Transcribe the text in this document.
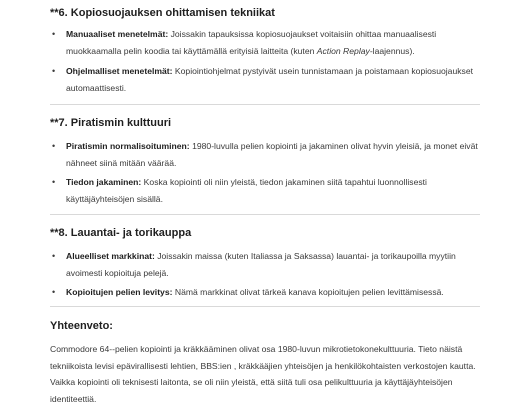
**6. Kopiosuojauksen ohittamisen tekniikat
•	Manuaaliset menetelmät: Joissakin tapauksissa kopiosuojaukset voitaisiin ohittaa manuaalisesti muokkaamalla pelin koodia tai käyttämällä erityisiä laitteita (kuten Action Replay-laajennus).
•	Ohjelmalliset menetelmät: Kopiointiohjelmat pystyivät usein tunnistamaan ja poistamaan kopiosuojaukset automaattisesti.
**7. Piratismin kulttuuri
•	Piratismin normalisoituminen: 1980-luvulla pelien kopiointi ja jakaminen olivat hyvin yleisiä, ja monet eivät nähneet siinä mitään väärää.
•	Tiedon jakaminen: Koska kopiointi oli niin yleistä, tiedon jakaminen siitä tapahtui luonnollisesti käyttäjäyhteisöjen sisällä.
**8. Lauantai- ja torikauppa
•	Alueelliset markkinat: Joissakin maissa (kuten Italiassa ja Saksassa) lauantai- ja torikaupoilla myytiin avoimesti kopioituja pelejä.
•	Kopioitujen pelien levitys: Nämä markkinat olivat tärkeä kanava kopioitujen pelien levittämisessä.
Yhteenveto:
Commodore 64--pelien kopiointi ja kräkkääminen olivat osa 1980-luvun mikrotietokonekulttuuria. Tieto näistä tekniikoista levisi epävirallisesti lehtien, BBS:ien , kräkkääjien yhteisöjen ja henkilökohtaisten verkostojen kautta. Vaikka kopiointi oli teknisesti laitonta, se oli niin yleistä, että siitä tuli osa pelikulttuuria ja käyttäjäyhteisöjen identiteettiä.
